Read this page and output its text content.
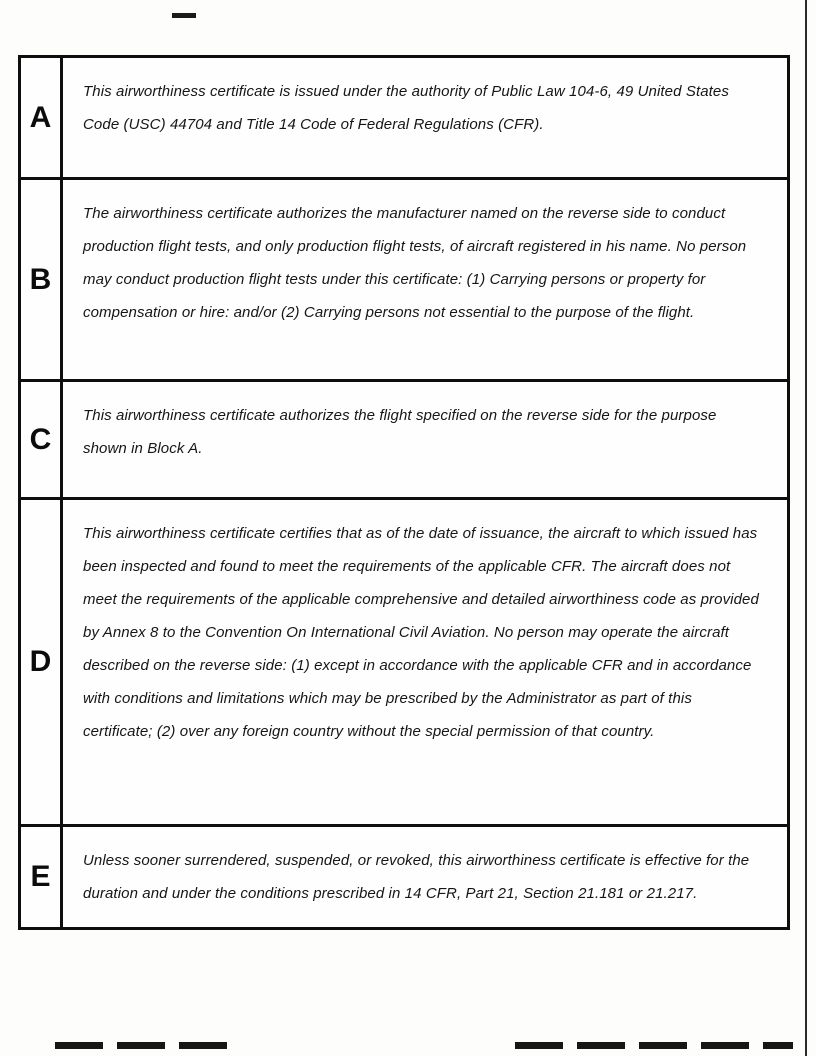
A
This airworthiness certificate is issued under the authority of Public Law 104-6, 49 United States Code (USC) 44704 and Title 14 Code of Federal Regulations (CFR).
B
The airworthiness certificate authorizes the manufacturer named on the reverse side to conduct production flight tests, and only production flight tests, of aircraft registered in his name. No person may conduct production flight tests under this certificate: (1) Carrying persons or property for compensation or hire: and/or (2) Carrying persons not essential to the purpose of the flight.
C
This airworthiness certificate authorizes the flight specified on the reverse side for the purpose shown in Block A.
D
This airworthiness certificate certifies that as of the date of issuance, the aircraft to which issued has been inspected and found to meet the requirements of the applicable CFR. The aircraft does not meet the requirements of the applicable comprehensive and detailed airworthiness code as provided by Annex 8 to the Convention On International Civil Aviation. No person may operate the aircraft described on the reverse side: (1) except in accordance with the applicable CFR and in accordance with conditions and limitations which may be prescribed by the Administrator as part of this certificate; (2) over any foreign country without the special permission of that country.
E	Unless sooner surrendered, suspended, or revoked, this airworthiness certificate is effective for the duration and under the conditions prescribed in 14 CFR, Part 21, Section 21.181 or 21.217.
